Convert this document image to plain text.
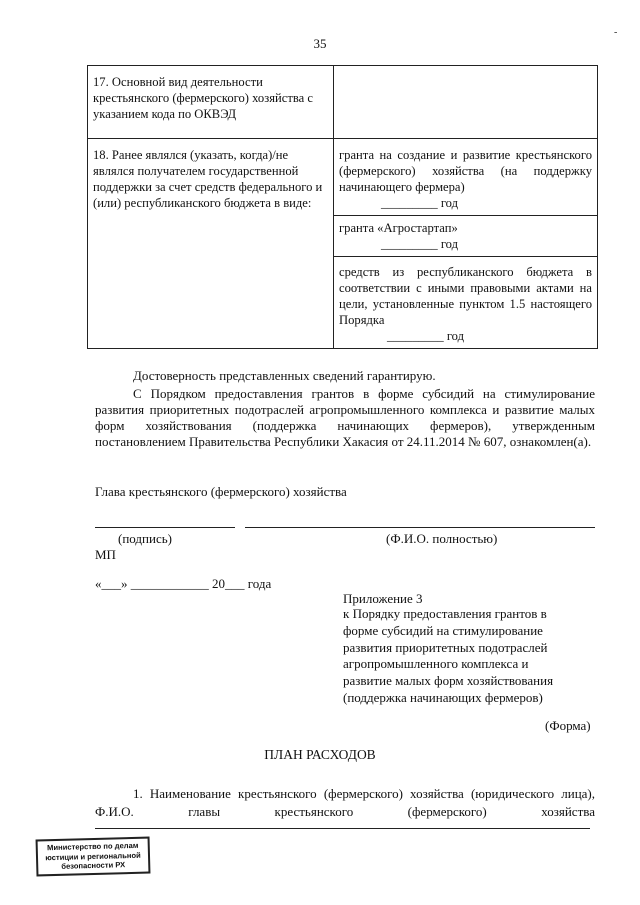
35
-
17. Основной вид деятельности крестьянского (фермерского) хозяйства с указанием кода по ОКВЭД	
18. Ранее являлся (указать, когда)/не являлся получателем государственной поддержки за счет средств федерального и (или) республиканского бюджета в виде:	гранта на создание и развитие крестьянского (фермерского) хозяйства (на поддержку начинающего фермера)
_________ год

	гранта «Агростартап»
_________ год

	средств из республиканского бюджета в соответствии с иными правовыми актами на цели, установленные пунктом 1.5 настоящего Порядка
_________ год
Достоверность представленных сведений гарантирую.
С Порядком предоставления грантов в форме субсидий на стимулирование развития приоритетных подотраслей агропромышленного комплекса и развитие малых форм хозяйствования (поддержка начинающих фермеров), утвержденным постановлением Правительства Республики Хакасия от 24.11.2014 № 607, ознакомлен(а).
Глава крестьянского (фермерского) хозяйства
(подпись)	(Ф.И.О. полностью)
МП
«___» ____________ 20___ года
Приложение 3
к Порядку предоставления грантов в форме субсидий на стимулирование развития приоритетных подотраслей агропромышленного комплекса и развитие малых форм хозяйствования (поддержка начинающих фермеров)
(Форма)
ПЛАН РАСХОДОВ
1. Наименование крестьянского (фермерского) хозяйства (юридического лица), Ф.И.О. главы крестьянского (фермерского) хозяйства
Министерство по делам юстиции и региональной безопасности РХ
